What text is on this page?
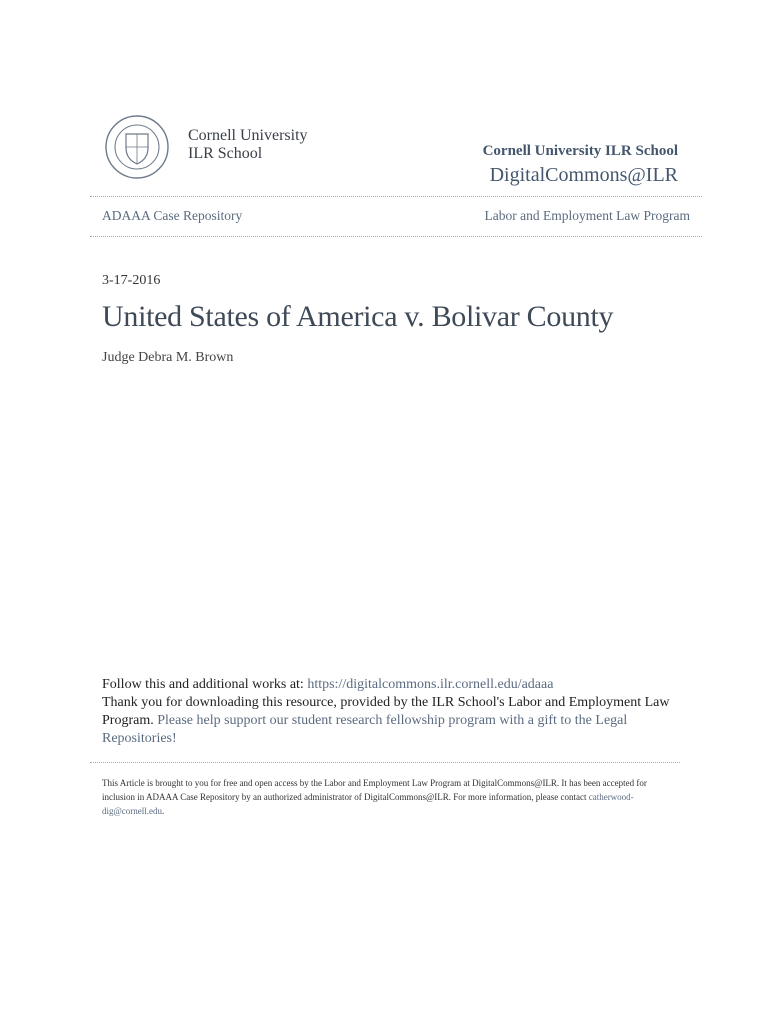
Cornell University
ILR School	Cornell University ILR School
DigitalCommons@ILR
ADAAA Case Repository	Labor and Employment Law Program
3-17-2016
United States of America v. Bolivar County
Judge Debra M. Brown
Follow this and additional works at: https://digitalcommons.ilr.cornell.edu/adaaa
Thank you for downloading this resource, provided by the ILR School's Labor and Employment Law Program. Please help support our student research fellowship program with a gift to the Legal Repositories!
This Article is brought to you for free and open access by the Labor and Employment Law Program at DigitalCommons@ILR. It has been accepted for inclusion in ADAAA Case Repository by an authorized administrator of DigitalCommons@ILR. For more information, please contact catherwood-dig@cornell.edu.
